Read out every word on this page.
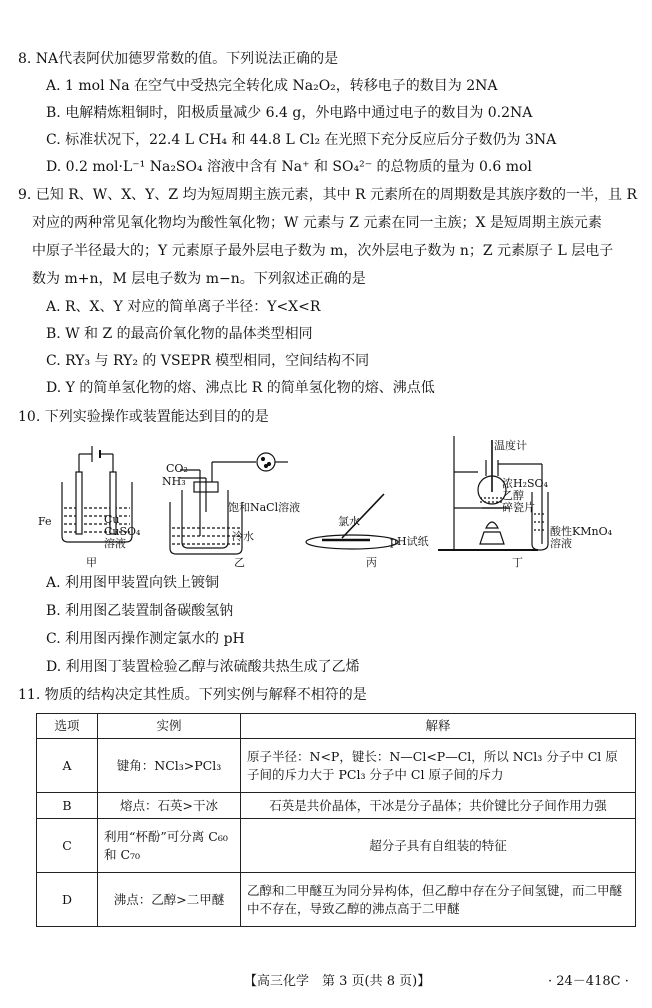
8. NA代表阿伏加德罗常数的值。下列说法正确的是
A. 1 mol Na 在空气中受热完全转化成 Na₂O₂，转移电子的数目为 2NA
B. 电解精炼粗铜时，阳极质量减少 6.4 g，外电路中通过电子的数目为 0.2NA
C. 标准状况下，22.4 L CH₄ 和 44.8 L Cl₂ 在光照下充分反应后分子数仍为 3NA
D. 0.2 mol·L⁻¹ Na₂SO₄ 溶液中含有 Na⁺ 和 SO₄²⁻ 的总物质的量为 0.6 mol
9. 已知 R、W、X、Y、Z 均为短周期主族元素，其中 R 元素所在的周期数是其族序数的一半，且 R
对应的两种常见氧化物均为酸性氧化物；W 元素与 Z 元素在同一主族；X 是短周期主族元素
中原子半径最大的；Y 元素原子最外层电子数为 m，次外层电子数为 n；Z 元素原子 L 层电子
数为 m+n，M 层电子数为 m−n。下列叙述正确的是
A. R、X、Y 对应的简单离子半径：Y<X<R
B. W 和 Z 的最高价氧化物的晶体类型相同
C. RY₃ 与 RY₂ 的 VSEPR 模型相同，空间结构不同
D. Y 的简单氢化物的熔、沸点比 R 的简单氢化物的熔、沸点低
10. 下列实验操作或装置能达到目的的是
Fe	Cu
CuSO₄
溶液
甲
CO₂
NH₃
饱和NaCl溶液
冷水
乙
氯水
pH试纸
丙
温度计
浓H₂SO₄
乙醇
碎瓷片
酸性KMnO₄
溶液
丁
A. 利用图甲装置向铁上镀铜
B. 利用图乙装置制备碳酸氢钠
C. 利用图丙操作测定氯水的 pH
D. 利用图丁装置检验乙醇与浓硫酸共热生成了乙烯
11. 物质的结构决定其性质。下列实例与解释不相符的是
选项	实例	解释
A	键角：NCl₃>PCl₃	原子半径：N<P，键长：N—Cl<P—Cl，所以 NCl₃ 分子中 Cl 原子间的斥力大于 PCl₃ 分子中 Cl 原子间的斥力
B	熔点：石英>干冰	石英是共价晶体，干冰是分子晶体；共价键比分子间作用力强
C	利用“杯酚”可分离 C₆₀ 和 C₇₀	超分子具有自组装的特征
D	沸点：乙醇>二甲醚	乙醇和二甲醚互为同分异构体，但乙醇中存在分子间氢键，而二甲醚中不存在，导致乙醇的沸点高于二甲醚
【高三化学　第 3 页(共 8 页)】	· 24－418C ·
